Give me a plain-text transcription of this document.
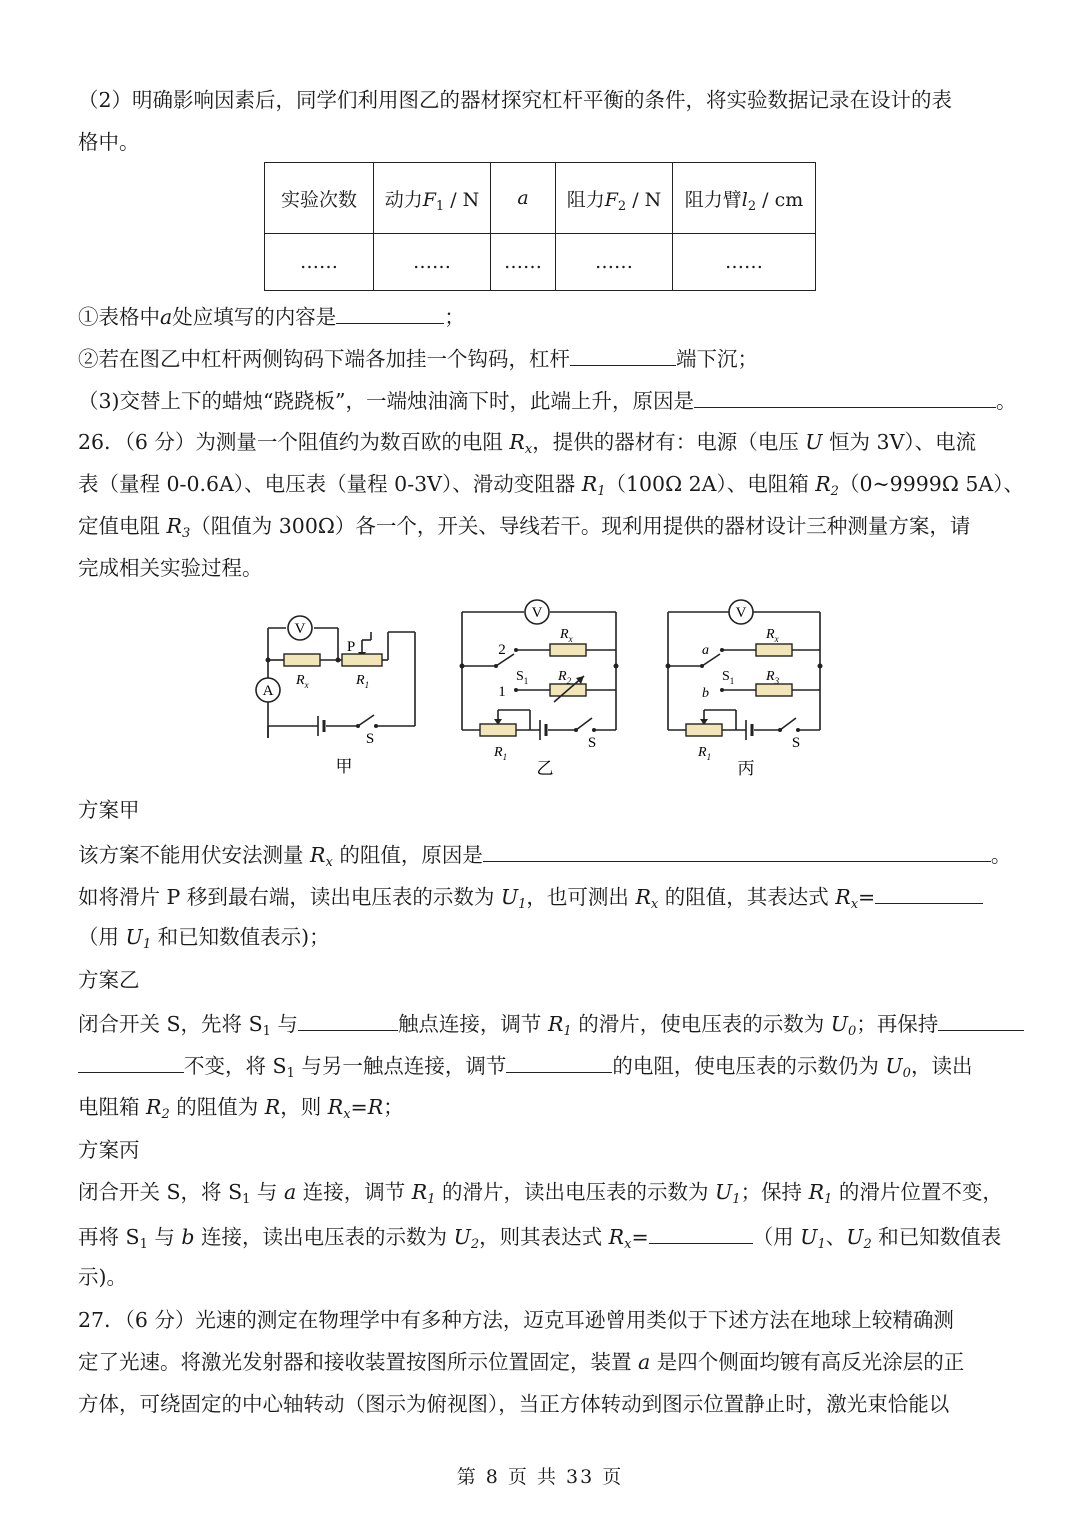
（2）明确影响因素后，同学们利用图乙的器材探究杠杆平衡的条件，将实验数据记录在设计的表
格中。
实验次数	动力$F_1$ / N	a	阻力$F_2$ / N	阻力臂$l_2$ / cm
……	……	……	……	……
①表格中a处应填写的内容是	；
②若在图乙中杠杆两侧钩码下端各加挂一个钩码，杠杆	端下沉；
（3)交替上下的蜡烛“跷跷板”，一端烛油滴下时，此端上升，原因是	。
26．（6 分）为测量一个阻值约为数百欧的电阻 $R_x$，提供的器材有：电源（电压 U 恒为 3V）、电流
表（量程 0-0.6A）、电压表（量程 0-3V）、滑动变阻器 $R_1(100\Omega$ 2A）、电阻箱 $R_2(0\sim 9999\Omega$ 5A）、
定值电阻 $R_3$（阻值为 300Ω）各一个，开关、导线若干。现利用提供的器材设计三种测量方案，请
完成相关实验过程。
V
A
P
$R_x$	$R_1$
S
甲
V
$R_x$
$R_2$
2
1
$S_1$
$R_1$
S
乙
V
$R_x$
$R_3$
a
b
$S_1$
$R_1$
S
丙
方案甲
该方案不能用伏安法测量 $R_x$ 的阻值，原因是	。
如将滑片 P 移到最右端，读出电压表的示数为 $U_1$，也可测出 $R_x$ 的阻值，其表达式 $R_x=$
（用 $U_1$ 和已知数值表示)；
方案乙
闭合开关 S，先将 $S_1$ 与	触点连接，调节 $R_1$ 的滑片，使电压表的示数为 $U_0$；再保持
不变，将 $S_1$ 与另一触点连接，调节	的电阻，使电压表的示数仍为 $U_0$，读出
电阻箱 $R_2$ 的阻值为 R，则 $R_x=R$；
方案丙
闭合开关 S，将 $S_1$ 与 a 连接，调节 $R_1$ 的滑片，读出电压表的示数为 $U_1$；保持 $R_1$ 的滑片位置不变，
再将 $S_1$ 与 b 连接，读出电压表的示数为 $U_2$，则其表达式 $R_x=$	（用 $U_1$、$U_2$ 和已知数值表
示)。
27．（6 分）光速的测定在物理学中有多种方法，迈克耳逊曾用类似于下述方法在地球上较精确测
定了光速。将激光发射器和接收装置按图所示位置固定，装置 a 是四个侧面均镀有高反光涂层的正
方体，可绕固定的中心轴转动（图示为俯视图），当正方体转动到图示位置静止时，激光束恰能以
第 8 页 共 33 页
